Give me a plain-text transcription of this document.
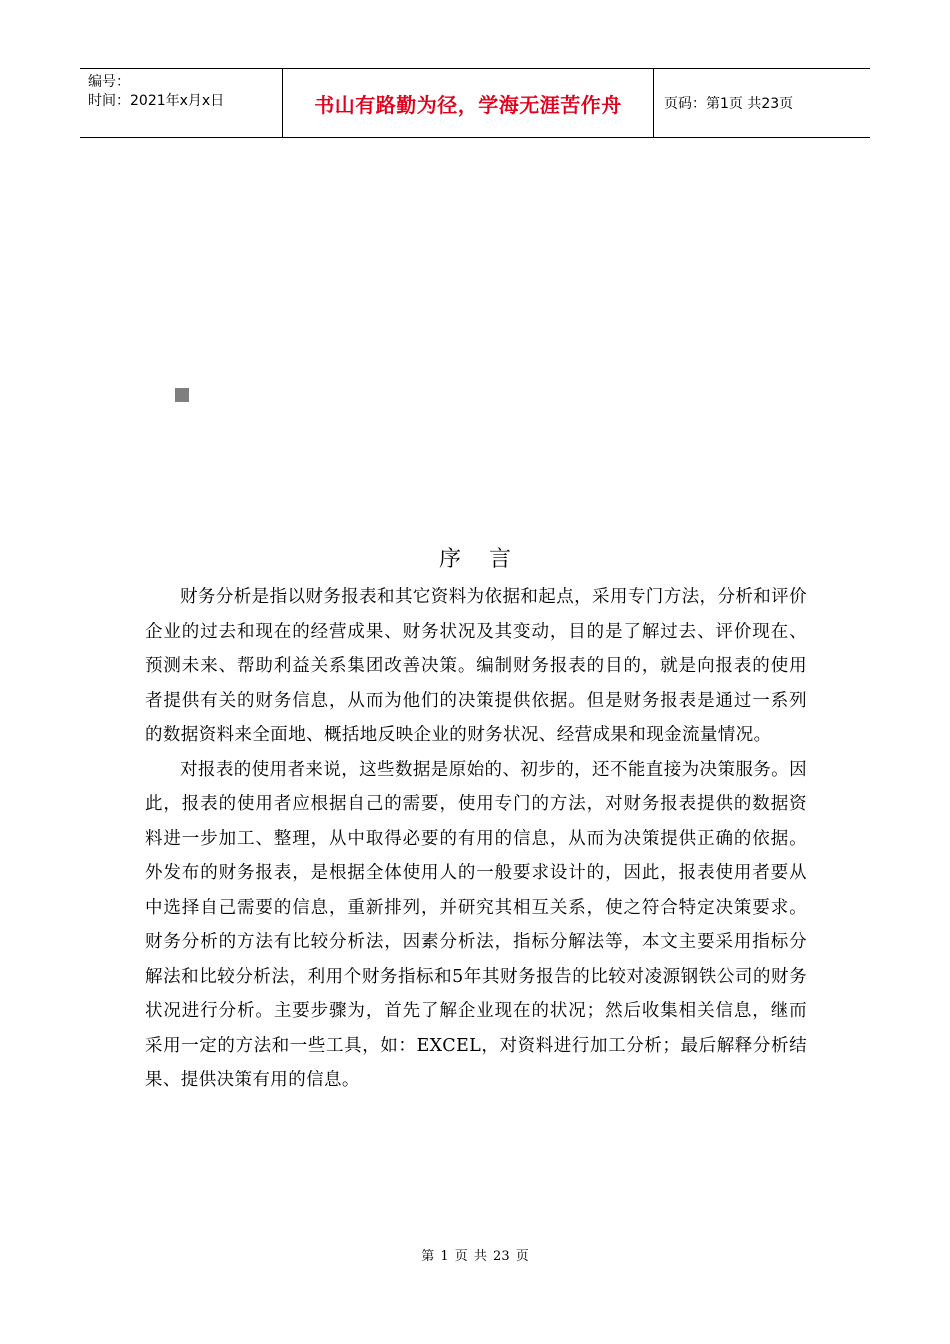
编号：
时间：2021年x月x日	书山有路勤为径，学海无涯苦作舟	页码：第1页 共23页
序言

财务分析是指以财务报表和其它资料为依据和起点，采用专门方法，分析和评价企业的过去和现在的经营成果、财务状况及其变动，目的是了解过去、评价现在、预测未来、帮助利益关系集团改善决策。编制财务报表的目的，就是向报表的使用者提供有关的财务信息，从而为他们的决策提供依据。但是财务报表是通过一系列的数据资料来全面地、概括地反映企业的财务状况、经营成果和现金流量情况。

对报表的使用者来说，这些数据是原始的、初步的，还不能直接为决策服务。因此，报表的使用者应根据自己的需要，使用专门的方法，对财务报表提供的数据资料进一步加工、整理，从中取得必要的有用的信息，从而为决策提供正确的依据。外发布的财务报表，是根据全体使用人的一般要求设计的，因此，报表使用者要从中选择自己需要的信息，重新排列，并研究其相互关系，使之符合特定决策要求。财务分析的方法有比较分析法，因素分析法，指标分解法等，本文主要采用指标分解法和比较分析法，利用个财务指标和5年其财务报告的比较对凌源钢铁公司的财务状况进行分析。主要步骤为，首先了解企业现在的状况；然后收集相关信息，继而采用一定的方法和一些工具，如：EXCEL，对资料进行加工分析；最后解释分析结果、提供决策有用的信息。

第 1 页 共 23 页
